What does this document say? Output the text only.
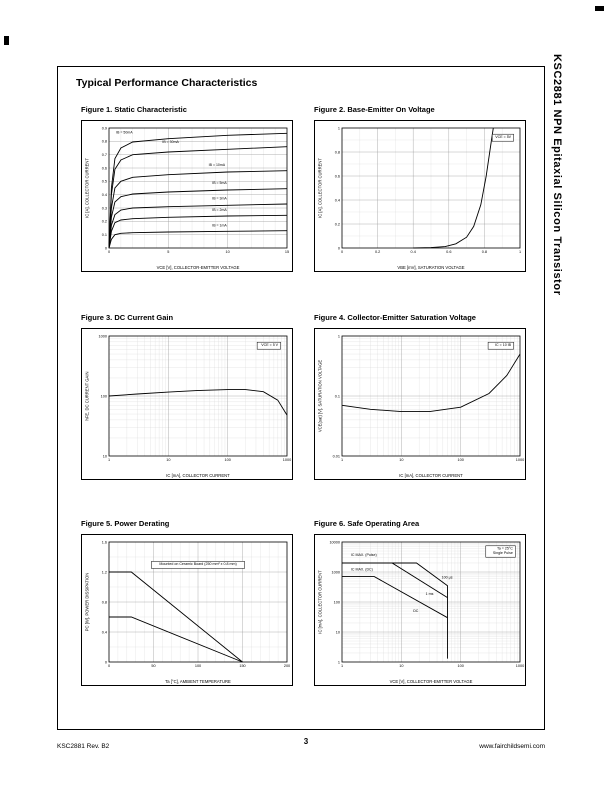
KSC2881 NPN Epitaxial Silicon Transistor
Typical Performance Characteristics
Figure 1. Static Characteristic
0	5	10	15
0
0.1
0.2
0.3
0.4
0.5
0.6
0.7
0.8
0.9
VCE [V], COLLECTOR-EMITTER VOLTAGE
IC [A], COLLECTOR CURRENT
IB = 50mA
IB = 30mA
IB = 10mA
IB = 5mA
IB = 3mA
IB = 2mA
IB = 1mA
Figure 2. Base-Emitter On Voltage
0	0.2	0.4	0.6	0.8	1
0
0.2
0.4
0.6
0.8
1
VBE [mV], SATURATION VOLTAGE
IC [A], COLLECTOR CURRENT
VCE = 5V
Figure 3. DC Current Gain
1	10	100	1000
10
100
1000
IC [mA], COLLECTOR CURRENT
hFE, DC CURRENT GAIN
VCE = 5 V
Figure 4. Collector-Emitter Saturation Voltage
1	10	100	1000
0.01
0.1
1
IC [mA], COLLECTOR CURRENT
VCE(sat) [V], SATURATION VOLTAGE
IC = 10 IB
Figure 5. Power Derating
0	50	100	150	200
0
0.4
0.8
1.2
1.6
Ta [°C], AMBIENT TEMPERATURE
PC [W], POWER DISSIPATION
Mounted on Ceramic Board (250 mm² x 0.8 mm)
Figure 6. Safe Operating Area
1	10	100	1000
1
10
100
1000
10000
VCE [V], COLLECTOR-EMITTER VOLTAGE
IC [mA], COLLECTOR CURRENT
Ta = 25°C
Single Pulse
IC MAX. (Pulse)
IC MAX. (DC)
100 μs
1 ms
DC
KSC2881 Rev. B2
3
www.fairchildsemi.com
